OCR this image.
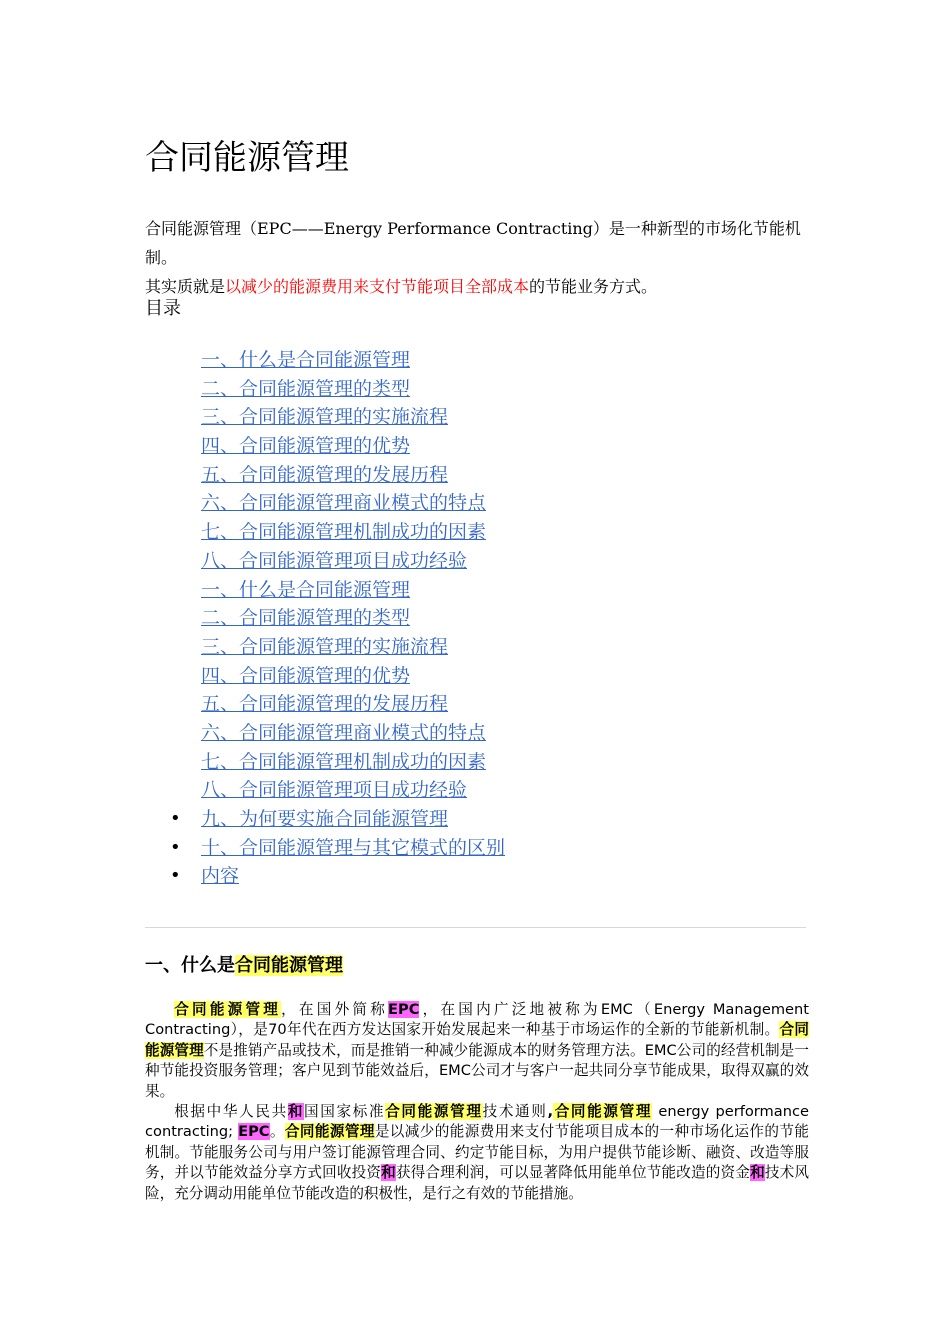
合同能源管理
合同能源管理（EPC——Energy Performance Contracting）是一种新型的市场化节能机制。
其实质就是以减少的能源费用来支付节能项目全部成本的节能业务方式。
目录
一、什么是合同能源管理
二、合同能源管理的类型
三、合同能源管理的实施流程
四、合同能源管理的优势
五、合同能源管理的发展历程
六、合同能源管理商业模式的特点
七、合同能源管理机制成功的因素
八、合同能源管理项目成功经验
一、什么是合同能源管理
二、合同能源管理的类型
三、合同能源管理的实施流程
四、合同能源管理的优势
五、合同能源管理的发展历程
六、合同能源管理商业模式的特点
七、合同能源管理机制成功的因素
八、合同能源管理项目成功经验
• 九、为何要实施合同能源管理
• 十、合同能源管理与其它模式的区别
• 内容
一、什么是合同能源管理

合同能源管理，在国外简称EPC，在国内广泛地被称为EMC（Energy Management Contracting），是70年代在西方发达国家开始发展起来一种基于市场运作的全新的节能新机制。合同能源管理不是推销产品或技术，而是推销一种减少能源成本的财务管理方法。EMC公司的经营机制是一种节能投资服务管理；客户见到节能效益后，EMC公司才与客户一起共同分享节能成果，取得双赢的效果。

根据中华人民共和国国家标准合同能源管理技术通则,合同能源管理 energy performance contracting; EPC。合同能源管理是以减少的能源费用来支付节能项目成本的一种市场化运作的节能机制。节能服务公司与用户签订能源管理合同、约定节能目标，为用户提供节能诊断、融资、改造等服务，并以节能效益分享方式回收投资和获得合理利润，可以显著降低用能单位节能改造的资金和技术风险，充分调动用能单位节能改造的积极性，是行之有效的节能措施。
